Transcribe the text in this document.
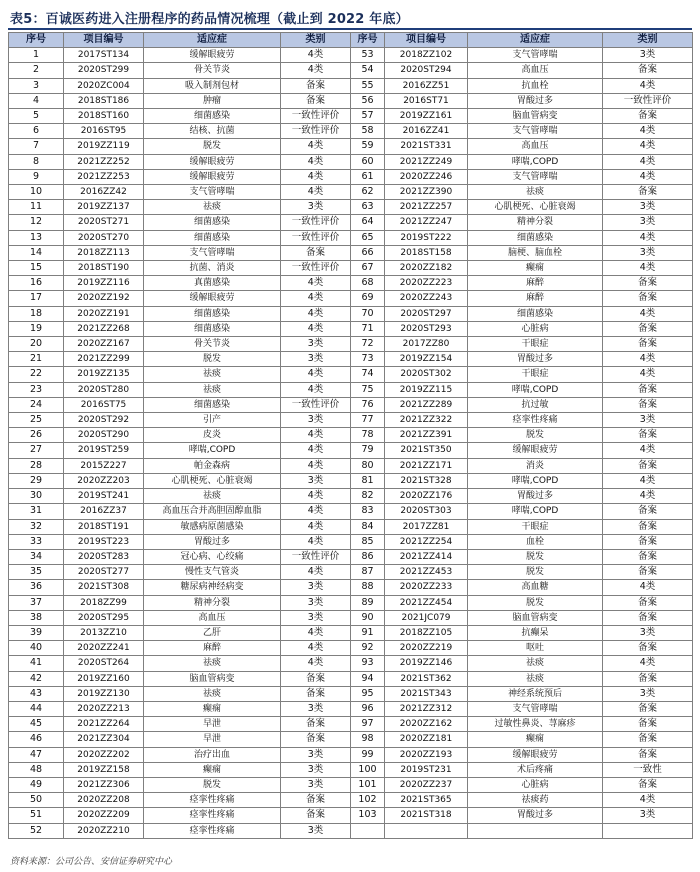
表5：百诚医药进入注册程序的药品情况梳理（截止到 2022 年底）
序号	项目编号	适应症	类别	序号	项目编号	适应症	类别
1	2017ST134	缓解眼疲劳	4类	53	2018ZZ102	支气管哮喘	3类
2	2020ST299	骨关节炎	4类	54	2020ST294	高血压	备案
3	2020ZC004	吸入制剂包材	备案	55	2016ZZ51	抗血栓	4类
4	2018ST186	肿瘤	备案	56	2016ST71	胃酸过多	一致性评价
5	2018ST160	细菌感染	一致性评价	57	2019ZZ161	脑血管病变	备案
6	2016ST95	结核、抗菌	一致性评价	58	2016ZZ41	支气管哮喘	4类
7	2019ZZ119	脱发	4类	59	2021ST331	高血压	4类
8	2021ZZ252	缓解眼疲劳	4类	60	2021ZZ249	哮喘,COPD	4类
9	2021ZZ253	缓解眼疲劳	4类	61	2020ZZ246	支气管哮喘	4类
10	2016ZZ42	支气管哮喘	4类	62	2021ZZ390	祛痰	备案
11	2019ZZ137	祛痰	3类	63	2021ZZ257	心肌梗死、心脏衰竭	3类
12	2020ST271	细菌感染	一致性评价	64	2021ZZ247	精神分裂	3类
13	2020ST270	细菌感染	一致性评价	65	2019ST222	细菌感染	4类
14	2018ZZ113	支气管哮喘	备案	66	2018ST158	脑梗、脑血栓	3类
15	2018ST190	抗菌、消炎	一致性评价	67	2020ZZ182	癫痫	4类
16	2019ZZ116	真菌感染	4类	68	2020ZZ223	麻醉	备案
17	2020ZZ192	缓解眼疲劳	4类	69	2020ZZ243	麻醉	备案
18	2020ZZ191	细菌感染	4类	70	2020ST297	细菌感染	4类
19	2021ZZ268	细菌感染	4类	71	2020ST293	心脏病	备案
20	2020ZZ167	骨关节炎	3类	72	2017ZZ80	干眼症	备案
21	2021ZZ299	脱发	3类	73	2019ZZ154	胃酸过多	4类
22	2019ZZ135	祛痰	4类	74	2020ST302	干眼症	4类
23	2020ST280	祛痰	4类	75	2019ZZ115	哮喘,COPD	备案
24	2016ST75	细菌感染	一致性评价	76	2021ZZ289	抗过敏	备案
25	2020ST292	引产	3类	77	2021ZZ322	痉挛性疼痛	3类
26	2020ST290	皮炎	4类	78	2021ZZ391	脱发	备案
27	2019ST259	哮喘,COPD	4类	79	2021ST350	缓解眼疲劳	4类
28	2015Z227	帕金森病	4类	80	2021ZZ171	消炎	备案
29	2020ZZ203	心肌梗死、心脏衰竭	3类	81	2021ST328	哮喘,COPD	4类
30	2019ST241	祛痰	4类	82	2020ZZ176	胃酸过多	4类
31	2016ZZ37	高血压合并高胆固醇血脂	4类	83	2020ST303	哮喘,COPD	备案
32	2018ST191	敏感病原菌感染	4类	84	2017ZZ81	干眼症	备案
33	2019ST223	胃酸过多	4类	85	2021ZZ254	血栓	备案
34	2020ST283	冠心病、心绞痛	一致性评价	86	2021ZZ414	脱发	备案
35	2020ST277	慢性支气管炎	4类	87	2021ZZ453	脱发	备案
36	2021ST308	糖尿病神经病变	3类	88	2020ZZ233	高血糖	4类
37	2018ZZ99	精神分裂	3类	89	2021ZZ454	脱发	备案
38	2020ST295	高血压	3类	90	2021JC079	脑血管病变	备案
39	2013ZZ10	乙肝	4类	91	2018ZZ105	抗癫呆	3类
40	2020ZZ241	麻醉	4类	92	2020ZZ219	呕吐	备案
41	2020ST264	祛痰	4类	93	2019ZZ146	祛痰	4类
42	2019ZZ160	脑血管病变	备案	94	2021ST362	祛痰	备案
43	2019ZZ130	祛痰	备案	95	2021ST343	神经系统预后	3类
44	2020ZZ213	癫痫	3类	96	2021ZZ312	支气管哮喘	备案
45	2021ZZ264	早泄	备案	97	2020ZZ162	过敏性鼻炎、荨麻疹	备案
46	2021ZZ304	早泄	备案	98	2020ZZ181	癫痫	备案
47	2020ZZ202	治疗出血	3类	99	2020ZZ193	缓解眼疲劳	备案
48	2019ZZ158	癫痫	3类	100	2019ST231	术后疼痛	一致性
49	2021ZZ306	脱发	3类	101	2020ZZ237	心脏病	备案
50	2020ZZ208	痉挛性疼痛	备案	102	2021ST365	祛痰药	4类
51	2020ZZ209	痉挛性疼痛	备案	103	2021ST318	胃酸过多	3类
52	2020ZZ210	痉挛性疼痛	3类				
资料来源：公司公告、安信证券研究中心
